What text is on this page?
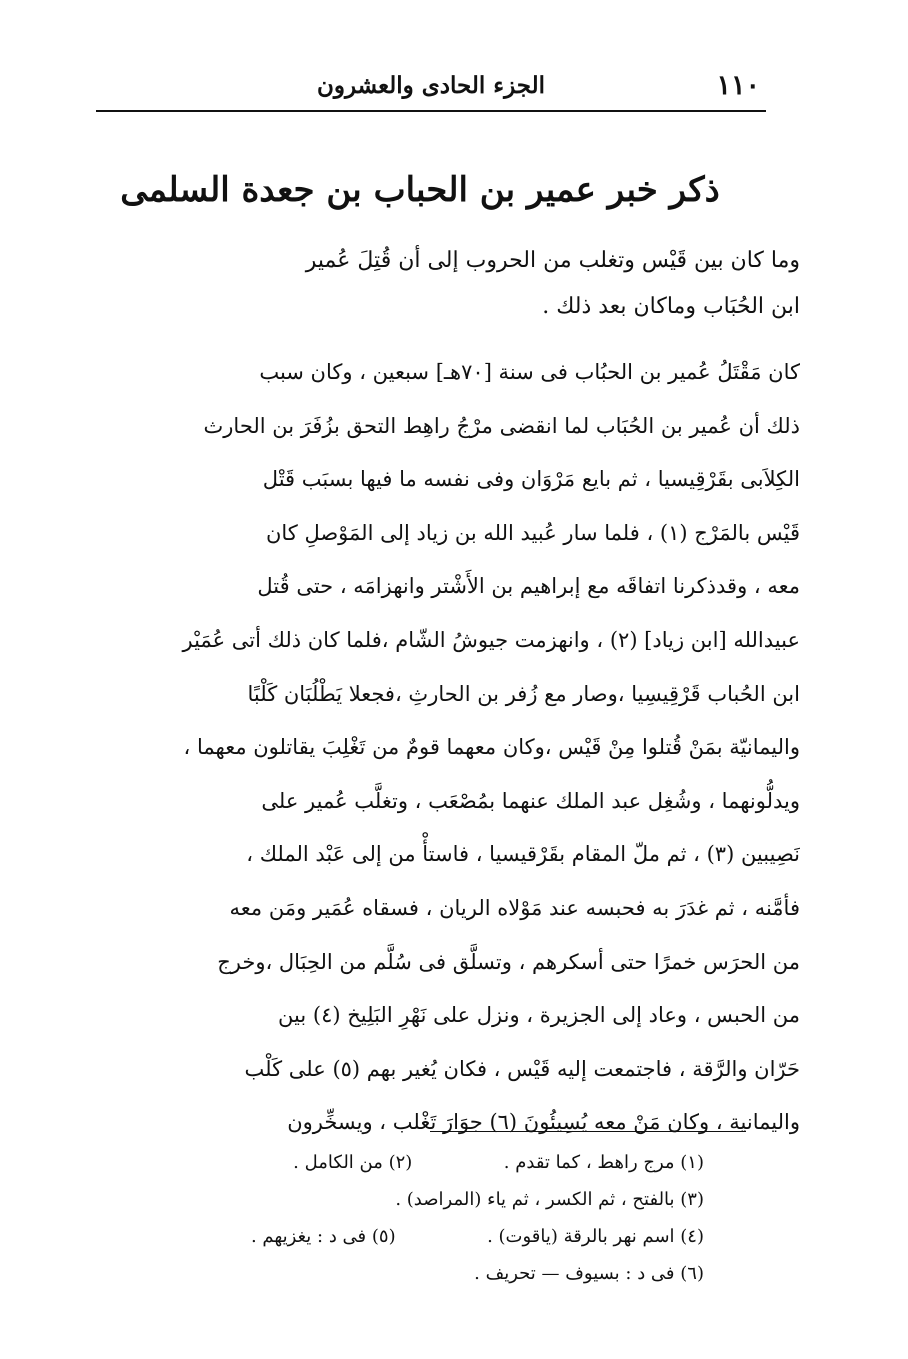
١١٠
الجزء الحادى والعشرون
ذكر خبر عمير بن الحباب بن جعدة السلمى
وما كان بين قَيْس وتغلب من الحروب إلى أن قُتِلَ عُمير
ابن الحُبَاب وماكان بعد ذلك .
كان مَقْتَلُ عُمير بن الحبُاب فى سنة [٧٠هـ] سبعين ، وكان سبب
ذلك أن عُمير بن الحُبَاب لما انقضى مرْجُ راهِط التحق بزُفَرَ بن الحارث
الكِلاَبى بقَرْقِيسيا ، ثم بايع مَرْوَان وفى نفسه ما فيها بسبَب قَتْل
قَيْس بالمَرْج (١) ، فلما سار عُبيد الله بن زياد إلى المَوْصلِ كان
معه ، وقدذكرنا اتفاقَه مع إبراهيم بن الأَشْتر وانهزامَه ، حتى قُتل
عبيدالله [ابن زياد] (٢) ، وانهزمت جيوشُ الشّام ،فلما كان ذلك أتى عُمَيْر
ابن الحُباب قَرْقِيسِيا ،وصار مع زُفر بن الحارثِ ،فجعلا يَطْلُبَان كَلْبًا
واليمانيّة بمَنْ قُتلوا مِنْ قَيْس ،وكان معهما قومٌ من تَغْلِبَ يقاتلون معهما ،
ويدلُّونهما ، وشُغِل عبد الملك عنهما بمُصْعَب ، وتغلَّب عُمير على
نَصِيبين (٣) ، ثم ملّ المقام بقَرْقيسيا ، فاستأْ من إلى عَبْد الملك ،
فأمَّنه ، ثم غدَرَ به فحبسه عند مَوْلاه الريان ، فسقاه عُمَير ومَن معه
من الحرَس خمرًا حتى أسكرهم ، وتسلَّق فى سُلَّم من الحِبَال ،وخرج
من الحبس ، وعاد إلى الجزيرة ، ونزل على نَهْرِ البَلِيخ (٤) بين
حَرّان والرَّقة ، فاجتمعت إليه قَيْس ، فكان يُغير بهم (٥) على كَلْب
واليمانية ، وكان مَنْ معه يُسِيئُونَ (٦) جوَارَ تَغْلب ، ويسخِّرون
(١) مرج راهط ، كما تقدم .  (٢) من الكامل .
(٣) بالفتح ، ثم الكسر ، ثم ياء (المراصد) .
(٤) اسم نهر بالرقة (ياقوت) .  (٥) فى د : يغزيهم .
(٦) فى د : بسيوف — تحريف .
